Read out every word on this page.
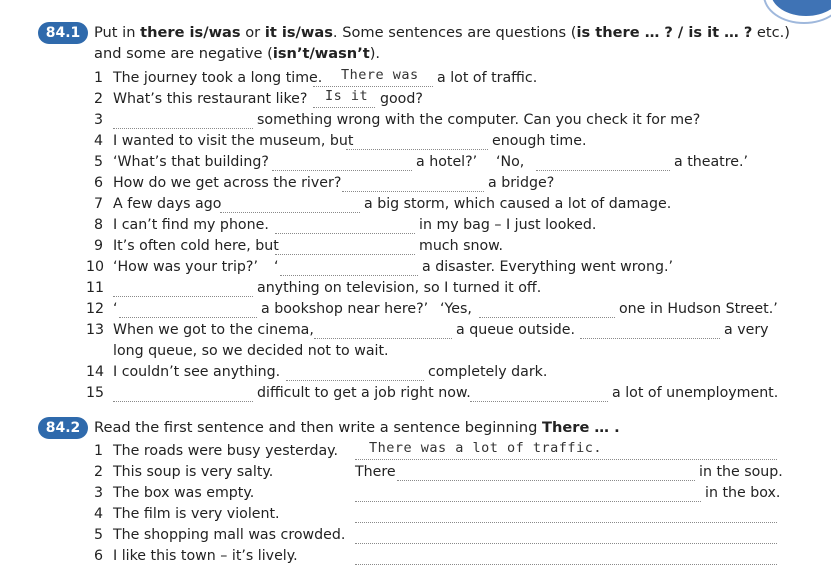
84.1 Put in there is/was or it is/was. Some sentences are questions (is there … ? / is it … ? etc.) and some are negative (isn’t/wasn’t).
1 The journey took a long time. There was a lot of traffic.
2 What’s this restaurant like? Is it good?
3	something wrong with the computer. Can you check it for me?
4 I wanted to visit the museum, but	enough time.
5 ‘What’s that building?	a hotel?’ ‘No,	a theatre.’
6 How do we get across the river?	a bridge?
7 A few days ago	a big storm, which caused a lot of damage.
8 I can’t find my phone.	in my bag – I just looked.
9 It’s often cold here, but	much snow.
10 ‘How was your trip?’ ‘	a disaster. Everything went wrong.’
11	anything on television, so I turned it off.
12 ‘	a bookshop near here?’ ‘Yes,	one in Hudson Street.’
13 When we got to the cinema,	a queue outside.	a very
long queue, so we decided not to wait.
14 I couldn’t see anything.	completely dark.
15	difficult to get a job right now.	a lot of unemployment.
84.2 Read the first sentence and then write a sentence beginning There … .
1 The roads were busy yesterday. There was a lot of traffic.
2 This soup is very salty.	There	in the soup.
3 The box was empty.	in the box.
4 The film is very violent.
5 The shopping mall was crowded.
6 I like this town – it’s lively.
